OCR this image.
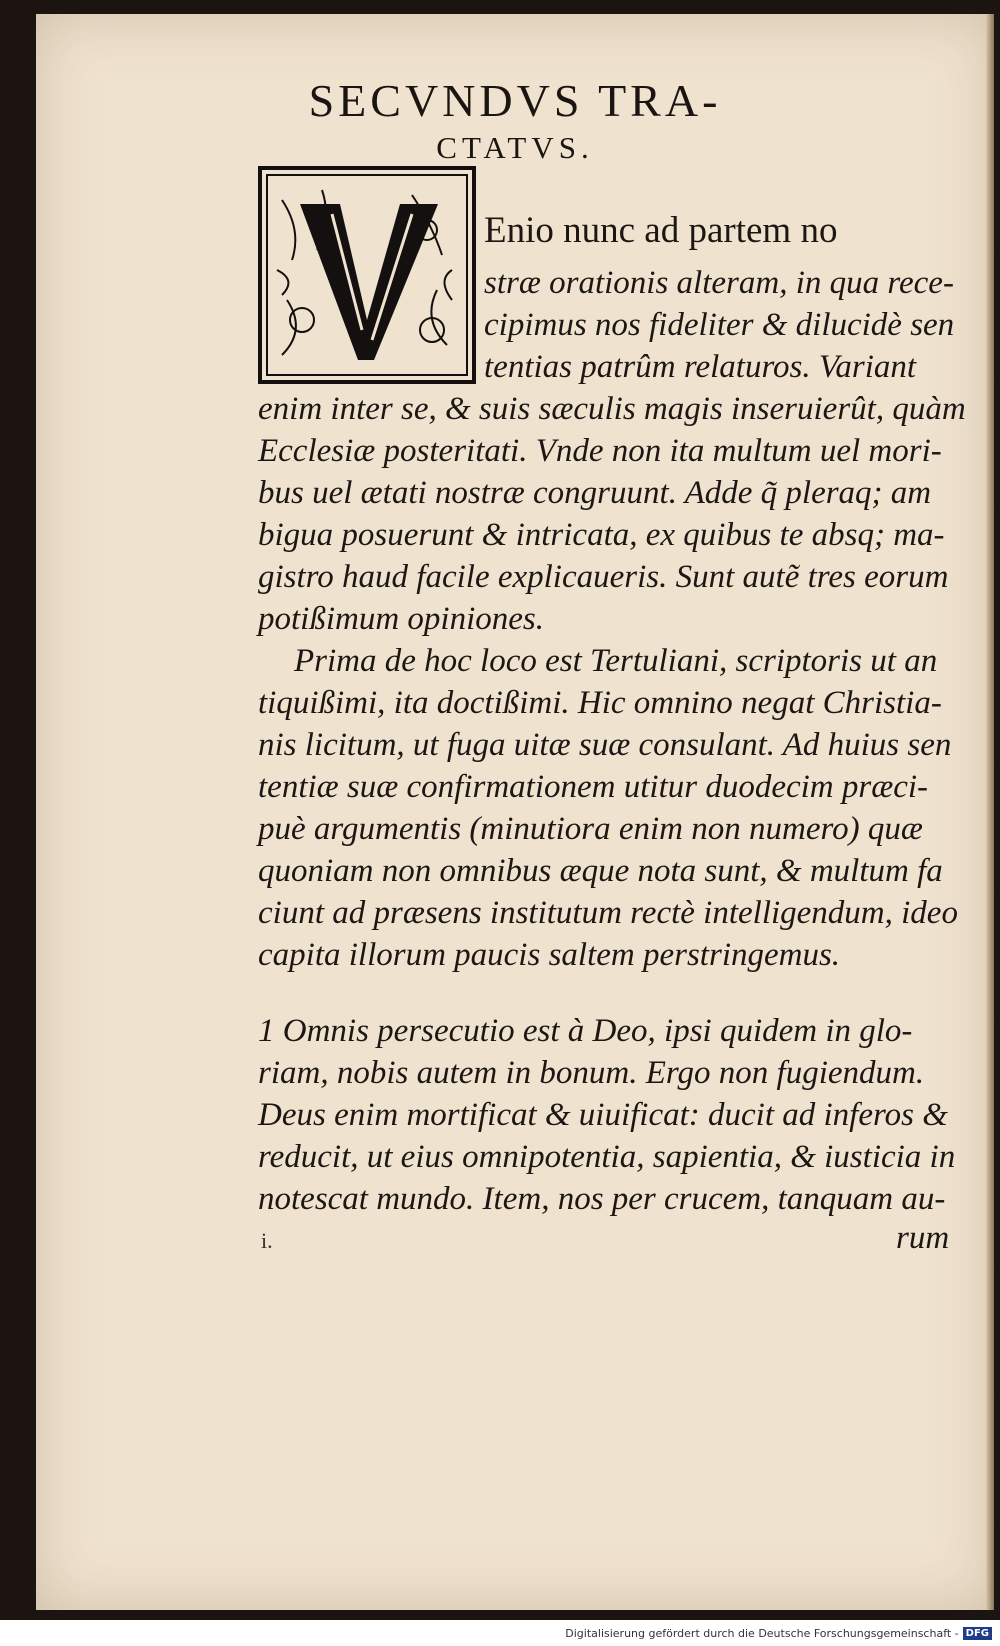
SECVNDVS TRA-
CTATVS.
Enio nunc ad partem no
stræ orationis alteram, in qua rece-
cipimus nos fideliter & dilucidè sen
tentias patrûm relaturos. Variant
enim inter se, & suis sæculis magis inseruierût, quàm
Ecclesiæ posteritati. Vnde non ita multum uel mori-
bus uel ætati nostræ congruunt. Adde q̃ pleraq; am
bigua posuerunt & intricata, ex quibus te absq; ma-
gistro haud facile explicaueris. Sunt autẽ tres eorum
potißimum opiniones.
Prima de hoc loco est Tertuliani, scriptoris ut an
tiquißimi, ita doctißimi. Hic omnino negat Christia-
nis licitum, ut fuga uitæ suæ consulant. Ad huius sen
tentiæ suæ confirmationem utitur duodecim præci-
puè argumentis (minutiora enim non numero) quæ
quoniam non omnibus æque nota sunt, & multum fa
ciunt ad præsens institutum rectè intelligendum, ideo
capita illorum paucis saltem perstringemus.
1 Omnis persecutio est à Deo, ipsi quidem in glo-
riam, nobis autem in bonum. Ergo non fugiendum.
Deus enim mortificat & uiuificat: ducit ad inferos &
reducit, ut eius omnipotentia, sapientia, & iusticia in
notescat mundo. Item, nos per crucem, tanquam au-
i.	rum
Digitalisierung gefördert durch die Deutsche Forschungsgemeinschaft - DFG
